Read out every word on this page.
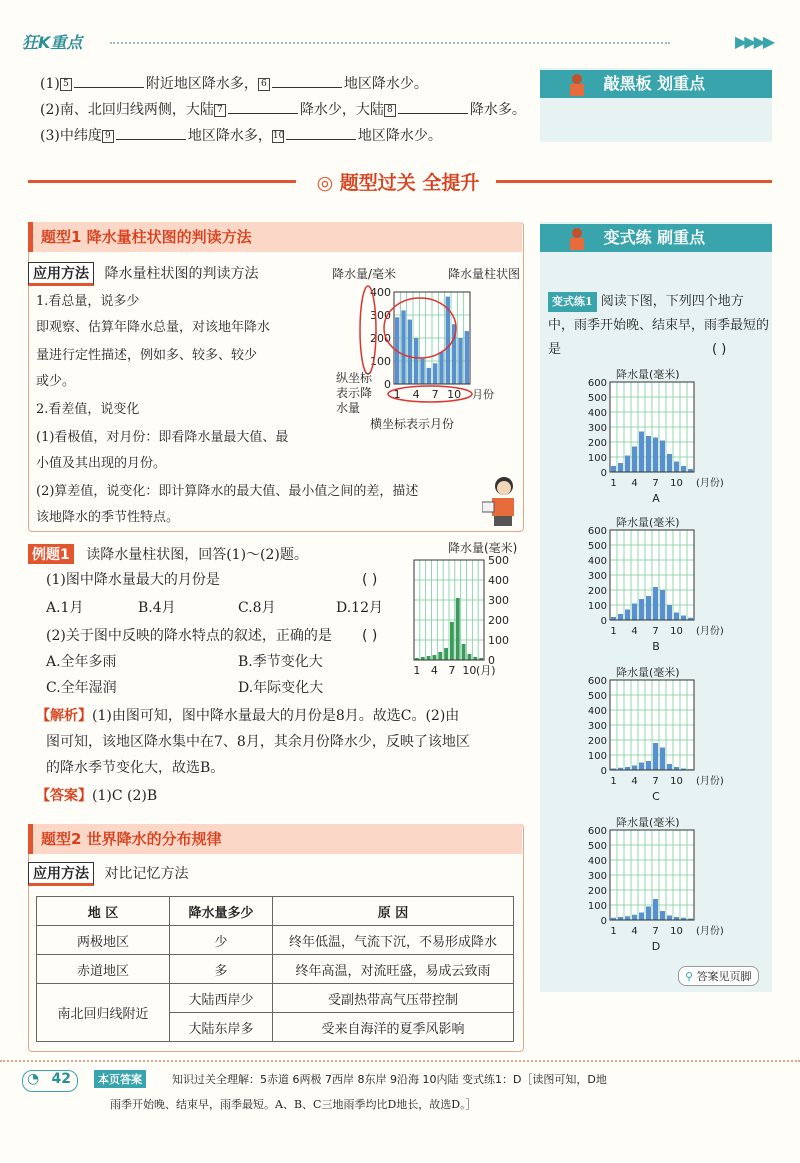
狂K重点	▶▶▶▶
敲黑板 划重点
◎ 题型过关 全提升
题型1 降水量柱状图的判读方法
应用方法 降水量柱状图的判读方法	降水量/毫米	降水量柱状图
0
100
200
300
400
1 4 7 10 月份
纵坐标
表示降
水量
横坐标表示月份
例题1 读降水量柱状图，回答(1)～(2)题。
(1)图中降水量最大的月份是	( )
(2)关于图中反映的降水特点的叙述，正确的是 ( )
降水量(毫米)
1 4 7 10
500
400
300
200
100
0
(月)
【解析】(1)由图可知，图中降水量最大的月份是8月。故选C。(2)由
图可知，该地区降水集中在7、8月，其余月份降水少，反映了该地区
的降水季节变化大，故选B。
【答案】(1)C (2)B
题型2 世界降水的分布规律
应用方法 对比记忆方法
地 区	降水量多少	原 因
两极地区	少	终年低温，气流下沉，不易形成降水
赤道地区	多	终年高温，对流旺盛，易成云致雨
南北回归线附近	大陆西岸少	受副热带高气压带控制
	大陆东岸多	受来自海洋的夏季风影响
变式练 刷重点
变式练1 阅读下图，下列四个地方
中，雨季开始晚、结束早，雨季最短的
是	( )
⚲ 答案见页脚
◔ 42	本页答案	知识过关全理解：5赤道 6两极 7西岸 8东岸 9沿海 10内陆 变式练1：D［读图可知，D地
雨季开始晚、结束早，雨季最短。A、B、C三地雨季均比D地长，故选D。］
(1) 5	附近地区降水多， 6	地区降水少。
(2)南、北回归线两侧，大陆 7	降水少，大陆 8	降水多。
(3)中纬度 9	地区降水多，10	地区降水少。
1.看总量，说多少
即观察、估算年降水总量，对该地年降水
量进行定性描述，例如多、较多、较少
或少。
2.看差值，说变化
(1)看极值，对月份：即看降水量最大值、最
小值及其出现的月份。
(2)算差值，说变化：即计算降水的最大值、最小值之间的差，描述
该地降水的季节性特点。
A.1月	B.4月	C.8月	D.12月
A.全年多雨	B.季节变化大
C.全年湿润	D.年际变化大
降水量(毫米)
0
100
200
300
400
500
600
1 4 7 10 (月份)
A
降水量(毫米)
0
100
200
300
400
500
600
1 4 7 10 (月份)
B
降水量(毫米)
0
100
200
300
400
500
600
1 4 7 10 (月份)
C
降水量(毫米)
0
100
200
300
400
500
600
1 4 7 10 (月份)
D
